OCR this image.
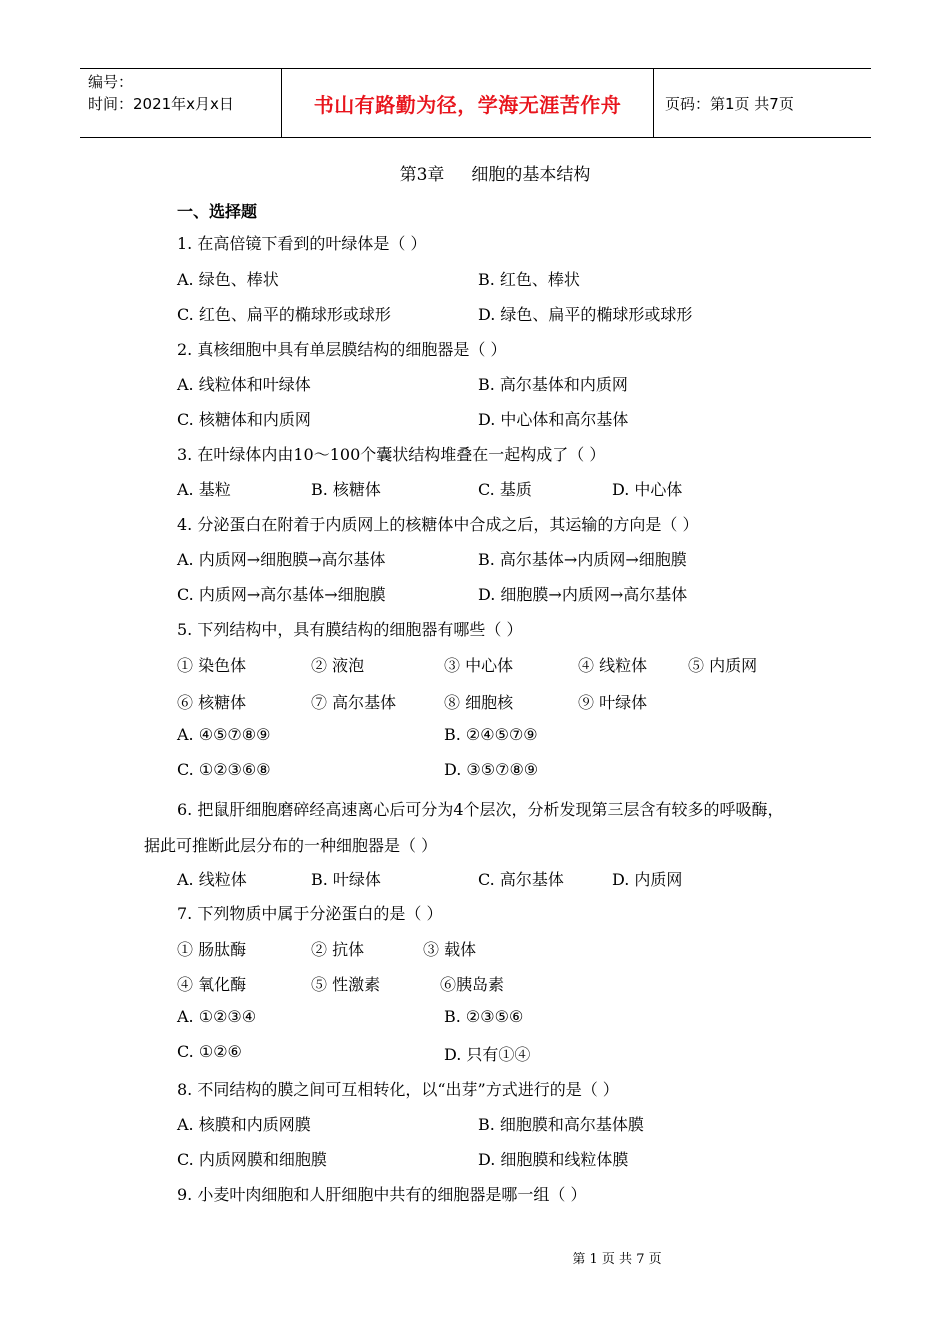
编号：
时间：2021年x月x日	书山有路勤为径，学海无涯苦作舟	页码：第1页 共7页
第3章     细胞的基本结构
一、选择题
1. 在高倍镜下看到的叶绿体是（ ）
A. 绿色、棒状	B. 红色、棒状
C. 红色、扁平的椭球形或球形	D. 绿色、扁平的椭球形或球形
2. 真核细胞中具有单层膜结构的细胞器是（ ）
A. 线粒体和叶绿体	B. 高尔基体和内质网
C. 核糖体和内质网	D. 中心体和高尔基体
3. 在叶绿体内由10～100个囊状结构堆叠在一起构成了（ ）
A. 基粒	B. 核糖体	C. 基质	D. 中心体
4. 分泌蛋白在附着于内质网上的核糖体中合成之后，其运输的方向是（ ）
A. 内质网→细胞膜→高尔基体	B. 高尔基体→内质网→细胞膜
C. 内质网→高尔基体→细胞膜	D. 细胞膜→内质网→高尔基体
5. 下列结构中，具有膜结构的细胞器有哪些（ ）
① 染色体	② 液泡	③ 中心体	④ 线粒体	⑤ 内质网
⑥ 核糖体	⑦ 高尔基体	⑧ 细胞核	⑨ 叶绿体
A. ④⑤⑦⑧⑨	B. ②④⑤⑦⑨
C. ①②③⑥⑧	D. ③⑤⑦⑧⑨
6. 把鼠肝细胞磨碎经高速离心后可分为4个层次，分析发现第三层含有较多的呼吸酶，
据此可推断此层分布的一种细胞器是（ ）
A. 线粒体	B. 叶绿体	C. 高尔基体	D. 内质网
7. 下列物质中属于分泌蛋白的是（ ）
① 肠肽酶	② 抗体	③ 载体
④ 氧化酶	⑤ 性激素	⑥胰岛素
A. ①②③④	B. ②③⑤⑥
C. ①②⑥	D. 只有①④
8. 不同结构的膜之间可互相转化，以“出芽”方式进行的是（ ）
A. 核膜和内质网膜	B. 细胞膜和高尔基体膜
C. 内质网膜和细胞膜	D. 细胞膜和线粒体膜
9. 小麦叶肉细胞和人肝细胞中共有的细胞器是哪一组（ ）
第 1 页 共 7 页
